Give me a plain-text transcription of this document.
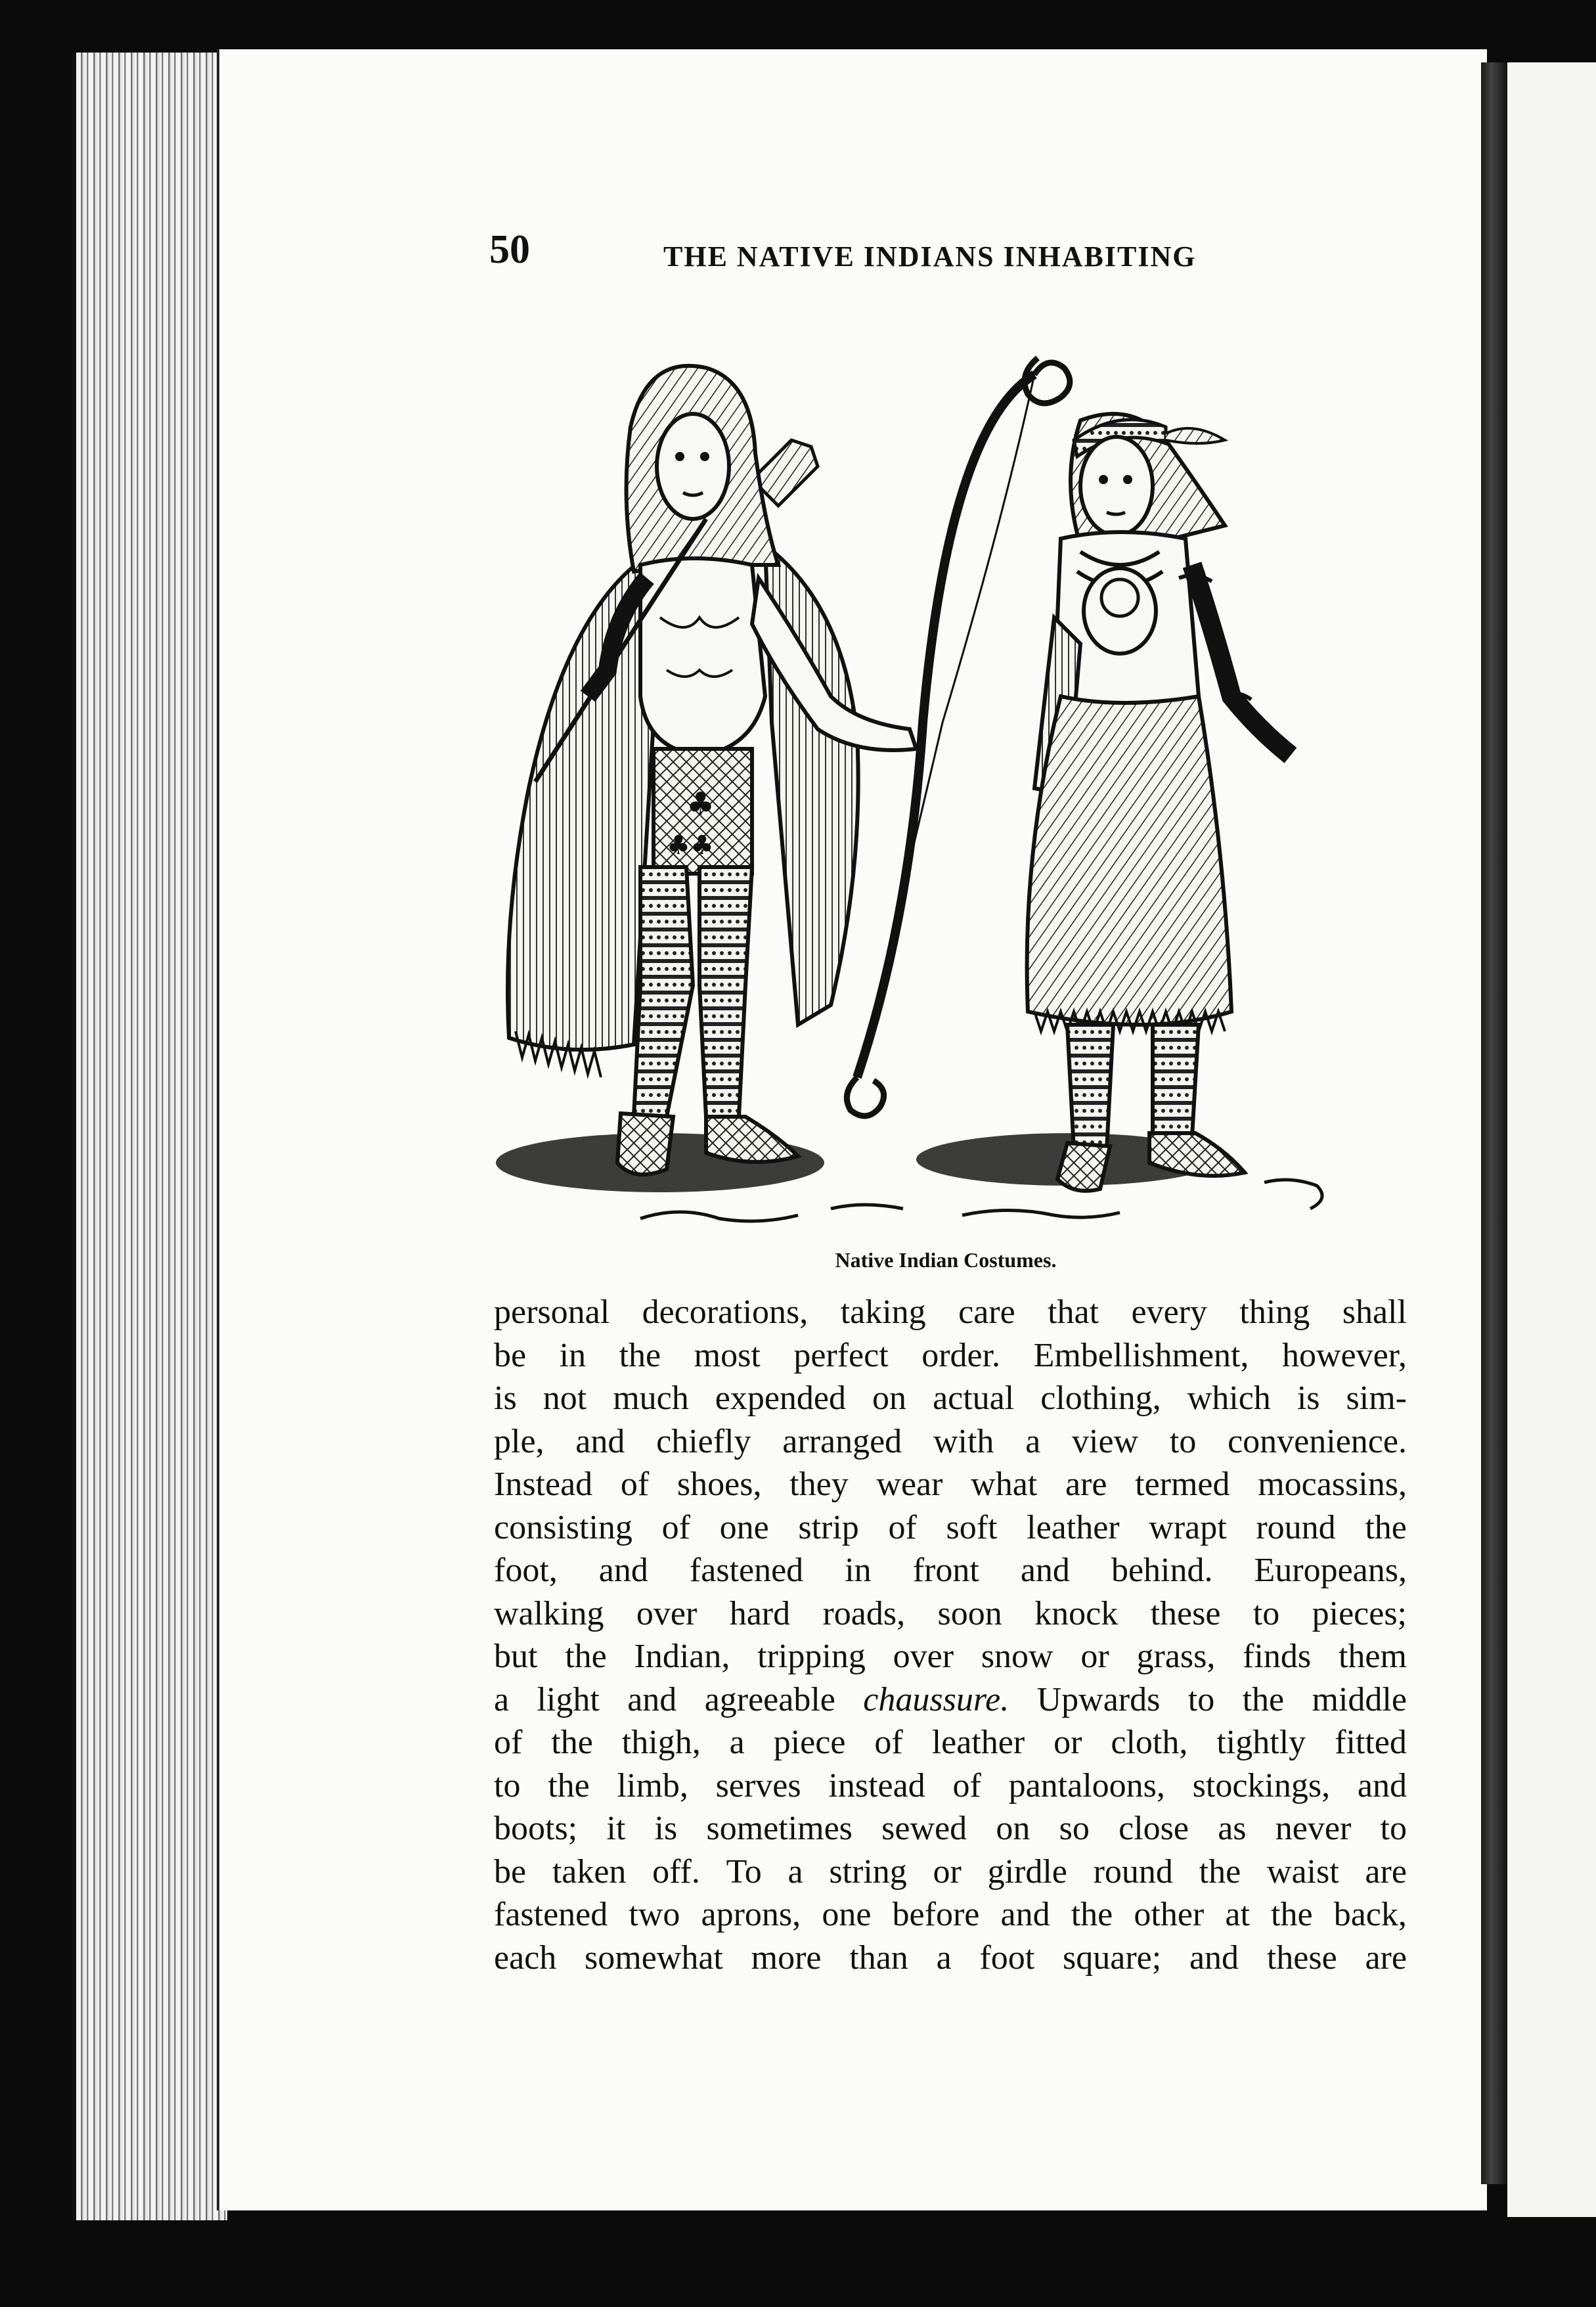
50	THE NATIVE INDIANS INHABITING
♣
♣♣
Native Indian Costumes.
personal decorations, taking care that every thing shall
be in the most perfect order. Embellishment, however,
is not much expended on actual clothing, which is sim-
ple, and chiefly arranged with a view to convenience.
Instead of shoes, they wear what are termed mocassins,
consisting of one strip of soft leather wrapt round the
foot, and fastened in front and behind. Europeans,
walking over hard roads, soon knock these to pieces;
but the Indian, tripping over snow or grass, finds them
a light and agreeable chaussure. Upwards to the middle
of the thigh, a piece of leather or cloth, tightly fitted
to the limb, serves instead of pantaloons, stockings, and
boots; it is sometimes sewed on so close as never to
be taken off. To a string or girdle round the waist are
fastened two aprons, one before and the other at the back,
each somewhat more than a foot square; and these are
